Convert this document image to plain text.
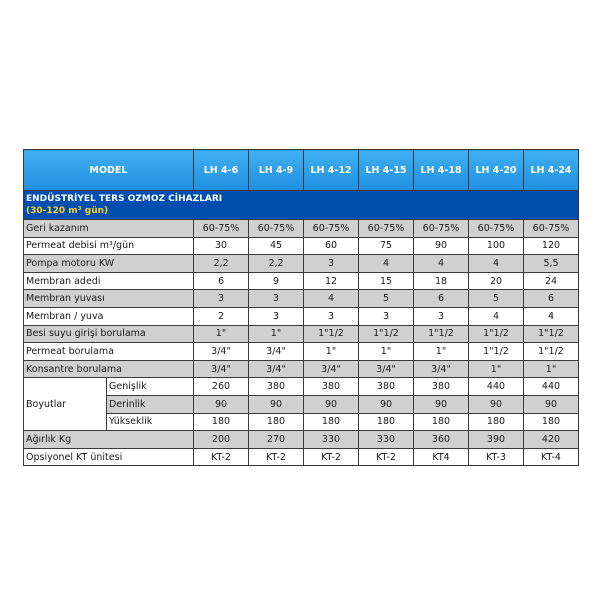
MODEL		LH 4-6	LH 4-9	LH 4-12	LH 4-15	LH 4-18	LH 4-20	LH 4-24
ENDÜSTRİYEL TERS OZMOZ CİHAZLARI
(30-120 m³ gün)								

Geri kazanım		60-75%	60-75%	60-75%	60-75%	60-75%	60-75%	60-75%
Permeat debisi m³/gün		30	45	60	75	90	100	120
Pompa motoru KW		2,2	2,2	3	4	4	4	5,5
Membran adedi		6	9	12	15	18	20	24
Membran yuvası		3	3	4	5	6	5	6
Membran / yuva		2	3	3	3	3	4	4
Besi suyu girişi borulama		1"	1"	1"1/2	1"1/2	1"1/2	1"1/2	1"1/2
Permeat borulama		3/4"	3/4"	1"	1"	1"	1"1/2	1"1/2
Konsantre borulama		3/4"	3/4"	3/4"	3/4"	3/4"	1"	1"
Boyutlar	Genişlik	260	380	380	380	380	440	440
	Derinlik	90	90	90	90	90	90	90
	Yükseklik	180	180	180	180	180	180	180
Ağırlık Kg		200	270	330	330	360	390	420
Opsiyonel KT ünitesi		KT-2	KT-2	KT-2	KT-2	KT4	KT-3	KT-4
